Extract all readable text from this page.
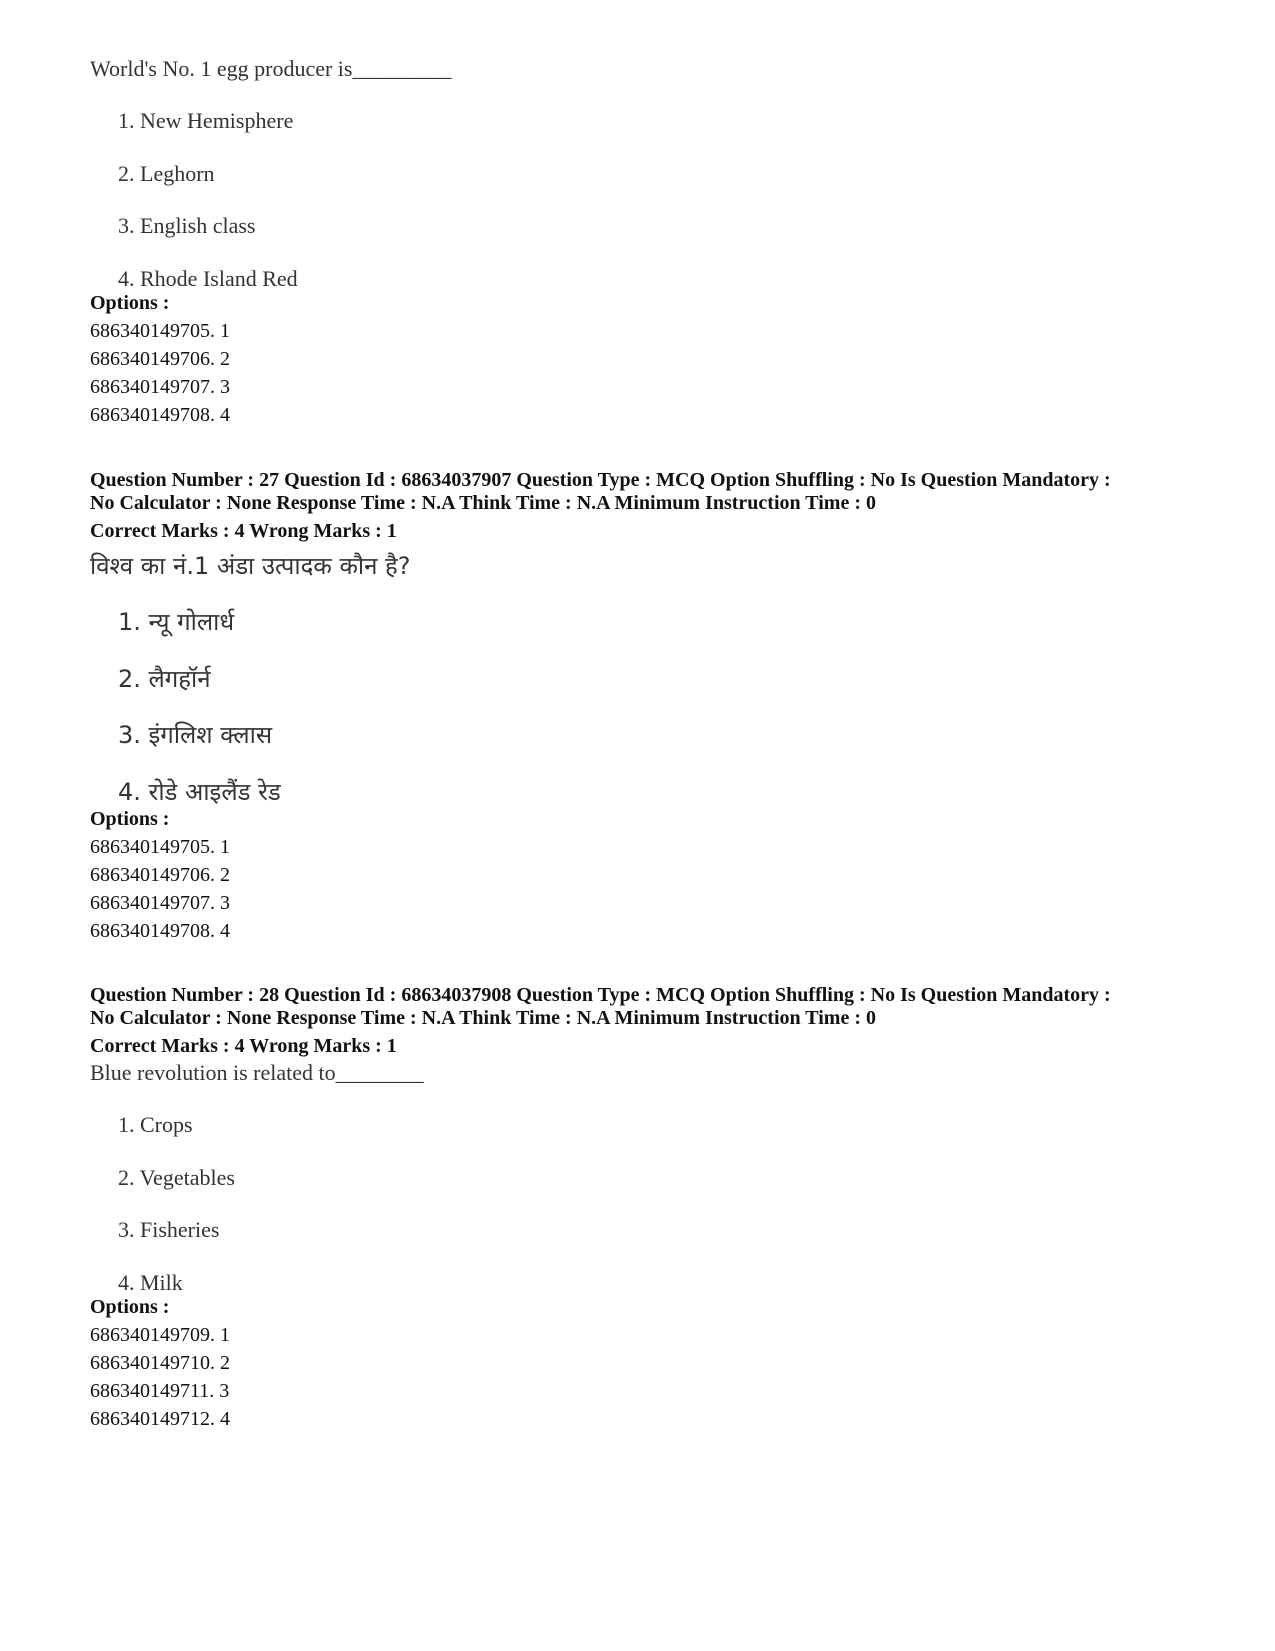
World's No. 1 egg producer is_________
1. New Hemisphere
2. Leghorn
3. English class
4. Rhode Island Red
Options :
686340149705. 1
686340149706. 2
686340149707. 3
686340149708. 4
Question Number : 27 Question Id : 68634037907 Question Type : MCQ Option Shuffling : No Is Question Mandatory :
No Calculator : None Response Time : N.A Think Time : N.A Minimum Instruction Time : 0
Correct Marks : 4 Wrong Marks : 1
विश्व का नं.1 अंडा उत्पादक कौन है?
1. न्यू गोलार्ध
2. लैगहॉर्न
3. इंगलिश क्लास
4. रोडे आइलैंड रेड
Options :
686340149705. 1
686340149706. 2
686340149707. 3
686340149708. 4
Question Number : 28 Question Id : 68634037908 Question Type : MCQ Option Shuffling : No Is Question Mandatory :
No Calculator : None Response Time : N.A Think Time : N.A Minimum Instruction Time : 0
Correct Marks : 4 Wrong Marks : 1
Blue revolution is related to________
1. Crops
2. Vegetables
3. Fisheries
4. Milk
Options :
686340149709. 1
686340149710. 2
686340149711. 3
686340149712. 4
